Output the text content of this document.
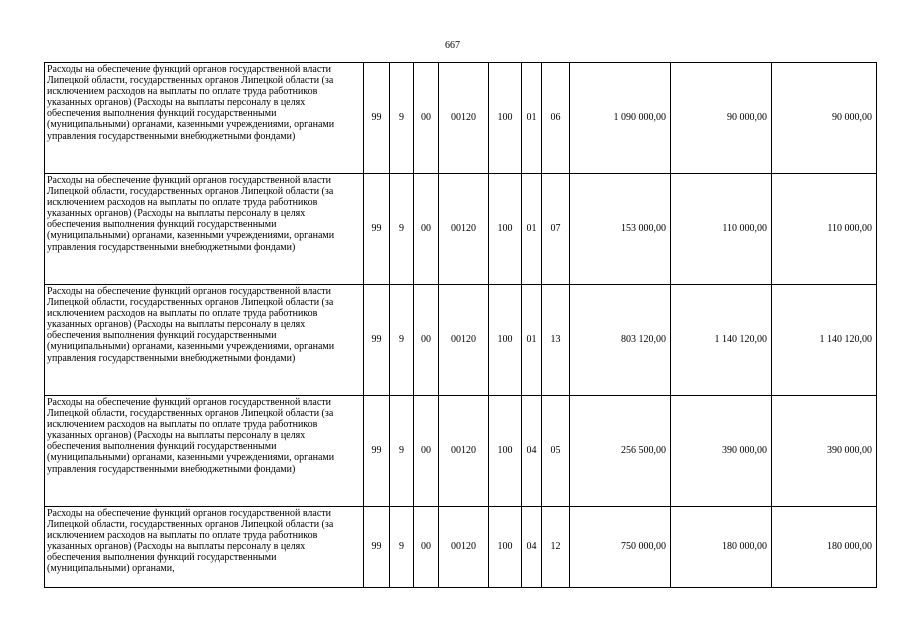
667
Расходы на обеспечение функций органов государственной власти Липецкой области, государственных органов Липецкой области (за исключением расходов на выплаты по оплате труда работников указанных органов) (Расходы на выплаты персоналу в целях обеспечения выполнения функций государственными (муниципальными) органами, казенными учреждениями, органами управления государственными внебюджетными фондами)	99	9	00	00120	100	01	06	1 090 000,00	90 000,00	90 000,00
Расходы на обеспечение функций органов государственной власти Липецкой области, государственных органов Липецкой области (за исключением расходов на выплаты по оплате труда работников указанных органов) (Расходы на выплаты персоналу в целях обеспечения выполнения функций государственными (муниципальными) органами, казенными учреждениями, органами управления государственными внебюджетными фондами)	99	9	00	00120	100	01	07	153 000,00	110 000,00	110 000,00
Расходы на обеспечение функций органов государственной власти Липецкой области, государственных органов Липецкой области (за исключением расходов на выплаты по оплате труда работников указанных органов) (Расходы на выплаты персоналу в целях обеспечения выполнения функций государственными (муниципальными) органами, казенными учреждениями, органами управления государственными внебюджетными фондами)	99	9	00	00120	100	01	13	803 120,00	1 140 120,00	1 140 120,00
Расходы на обеспечение функций органов государственной власти Липецкой области, государственных органов Липецкой области (за исключением расходов на выплаты по оплате труда работников указанных органов) (Расходы на выплаты персоналу в целях обеспечения выполнения функций государственными (муниципальными) органами, казенными учреждениями, органами управления государственными внебюджетными фондами)	99	9	00	00120	100	04	05	256 500,00	390 000,00	390 000,00
Расходы на обеспечение функций органов государственной власти Липецкой области, государственных органов Липецкой области (за исключением расходов на выплаты по оплате труда работников указанных органов) (Расходы на выплаты персоналу в целях обеспечения выполнения функций государственными (муниципальными) органами,	99	9	00	00120	100	04	12	750 000,00	180 000,00	180 000,00
